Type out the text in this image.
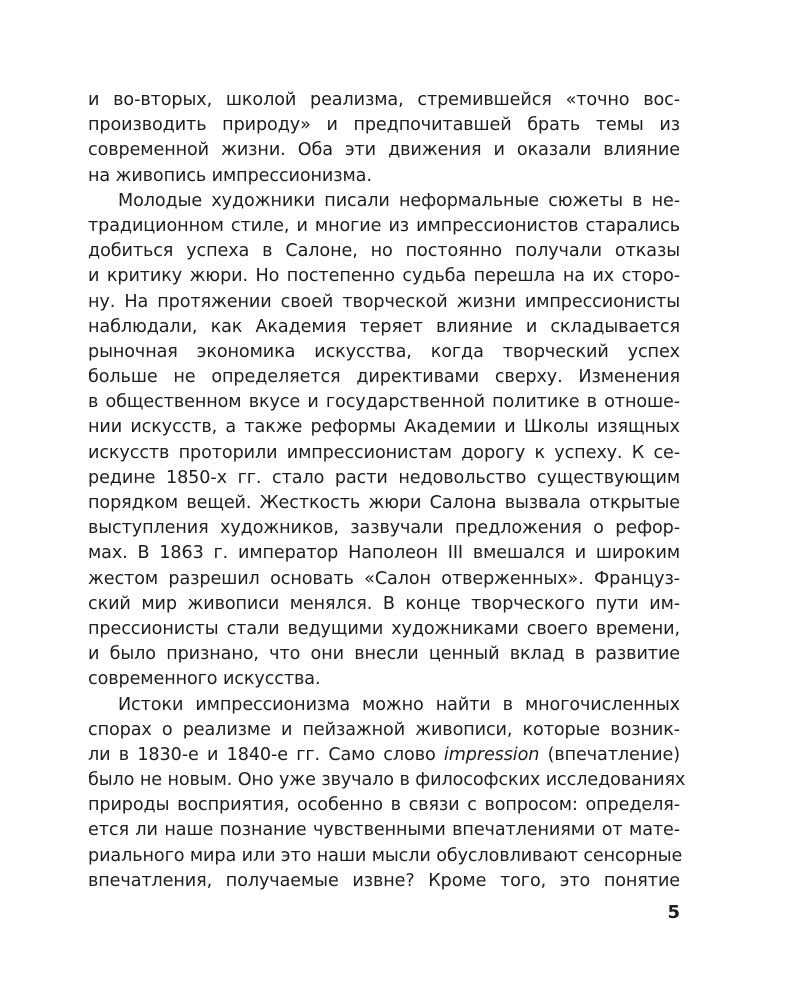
и во-вторых, школой реализма, стремившейся «точно вос-
производить природу» и предпочитавшей брать темы из
современной жизни. Оба эти движения и оказали влияние
на живопись импрессионизма.
Молодые художники писали неформальные сюжеты в не-
традиционном стиле, и многие из импрессионистов старались
добиться успеха в Салоне, но постоянно получали отказы
и критику жюри. Но постепенно судьба перешла на их сторо-
ну. На протяжении своей творческой жизни импрессионисты
наблюдали, как Академия теряет влияние и складывается
рыночная экономика искусства, когда творческий успех
больше не определяется директивами сверху. Изменения
в общественном вкусе и государственной политике в отноше-
нии искусств, а также реформы Академии и Школы изящных
искусств проторили импрессионистам дорогу к успеху. К се-
редине 1850-х гг. стало расти недовольство существующим
порядком вещей. Жесткость жюри Салона вызвала открытые
выступления художников, зазвучали предложения о рефор-
мах. В 1863 г. император Наполеон III вмешался и широким
жестом разрешил основать «Салон отверженных». Француз-
ский мир живописи менялся. В конце творческого пути им-
прессионисты стали ведущими художниками своего времени,
и было признано, что они внесли ценный вклад в развитие
современного искусства.
Истоки импрессионизма можно найти в многочисленных
спорах о реализме и пейзажной живописи, которые возник-
ли в 1830-е и 1840-е гг. Само слово impression (впечатление)
было не новым. Оно уже звучало в философских исследованиях
природы восприятия, особенно в связи с вопросом: определя-
ется ли наше познание чувственными впечатлениями от мате-
риального мира или это наши мысли обусловливают сенсорные
впечатления, получаемые извне? Кроме того, это понятие
5
